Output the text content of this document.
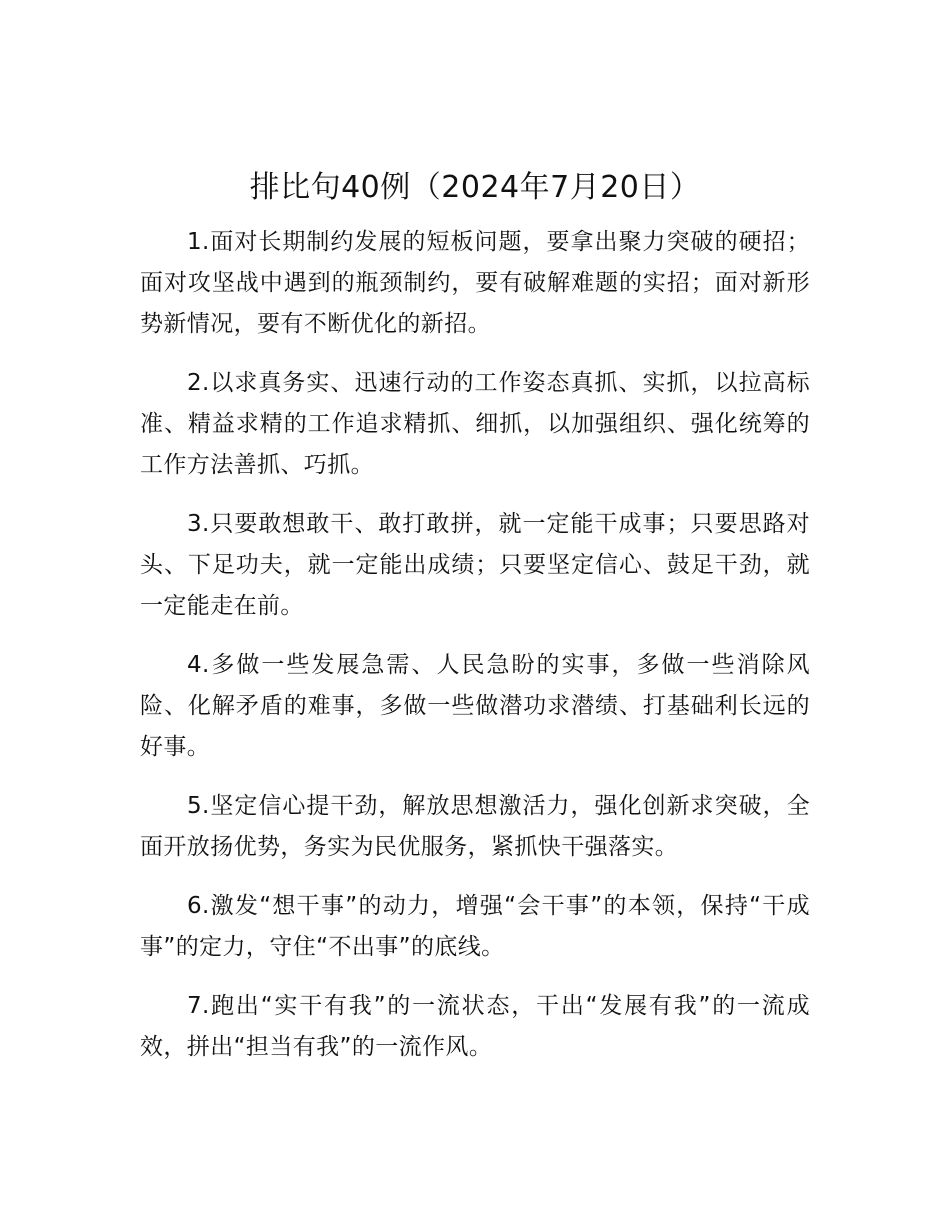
排比句40例（2024年7月20日）

1.面对长期制约发展的短板问题，要拿出聚力突破的硬招；面对攻坚战中遇到的瓶颈制约，要有破解难题的实招；面对新形势新情况，要有不断优化的新招。

2.以求真务实、迅速行动的工作姿态真抓、实抓，以拉高标准、精益求精的工作追求精抓、细抓，以加强组织、强化统筹的工作方法善抓、巧抓。

3.只要敢想敢干、敢打敢拼，就一定能干成事；只要思路对头、下足功夫，就一定能出成绩；只要坚定信心、鼓足干劲，就一定能走在前。

4.多做一些发展急需、人民急盼的实事，多做一些消除风险、化解矛盾的难事，多做一些做潜功求潜绩、打基础利长远的好事。

5.坚定信心提干劲，解放思想激活力，强化创新求突破，全面开放扬优势，务实为民优服务，紧抓快干强落实。

6.激发“想干事”的动力，增强“会干事”的本领，保持“干成事”的定力，守住“不出事”的底线。

7.跑出“实干有我”的一流状态，干出“发展有我”的一流成效，拼出“担当有我”的一流作风。
